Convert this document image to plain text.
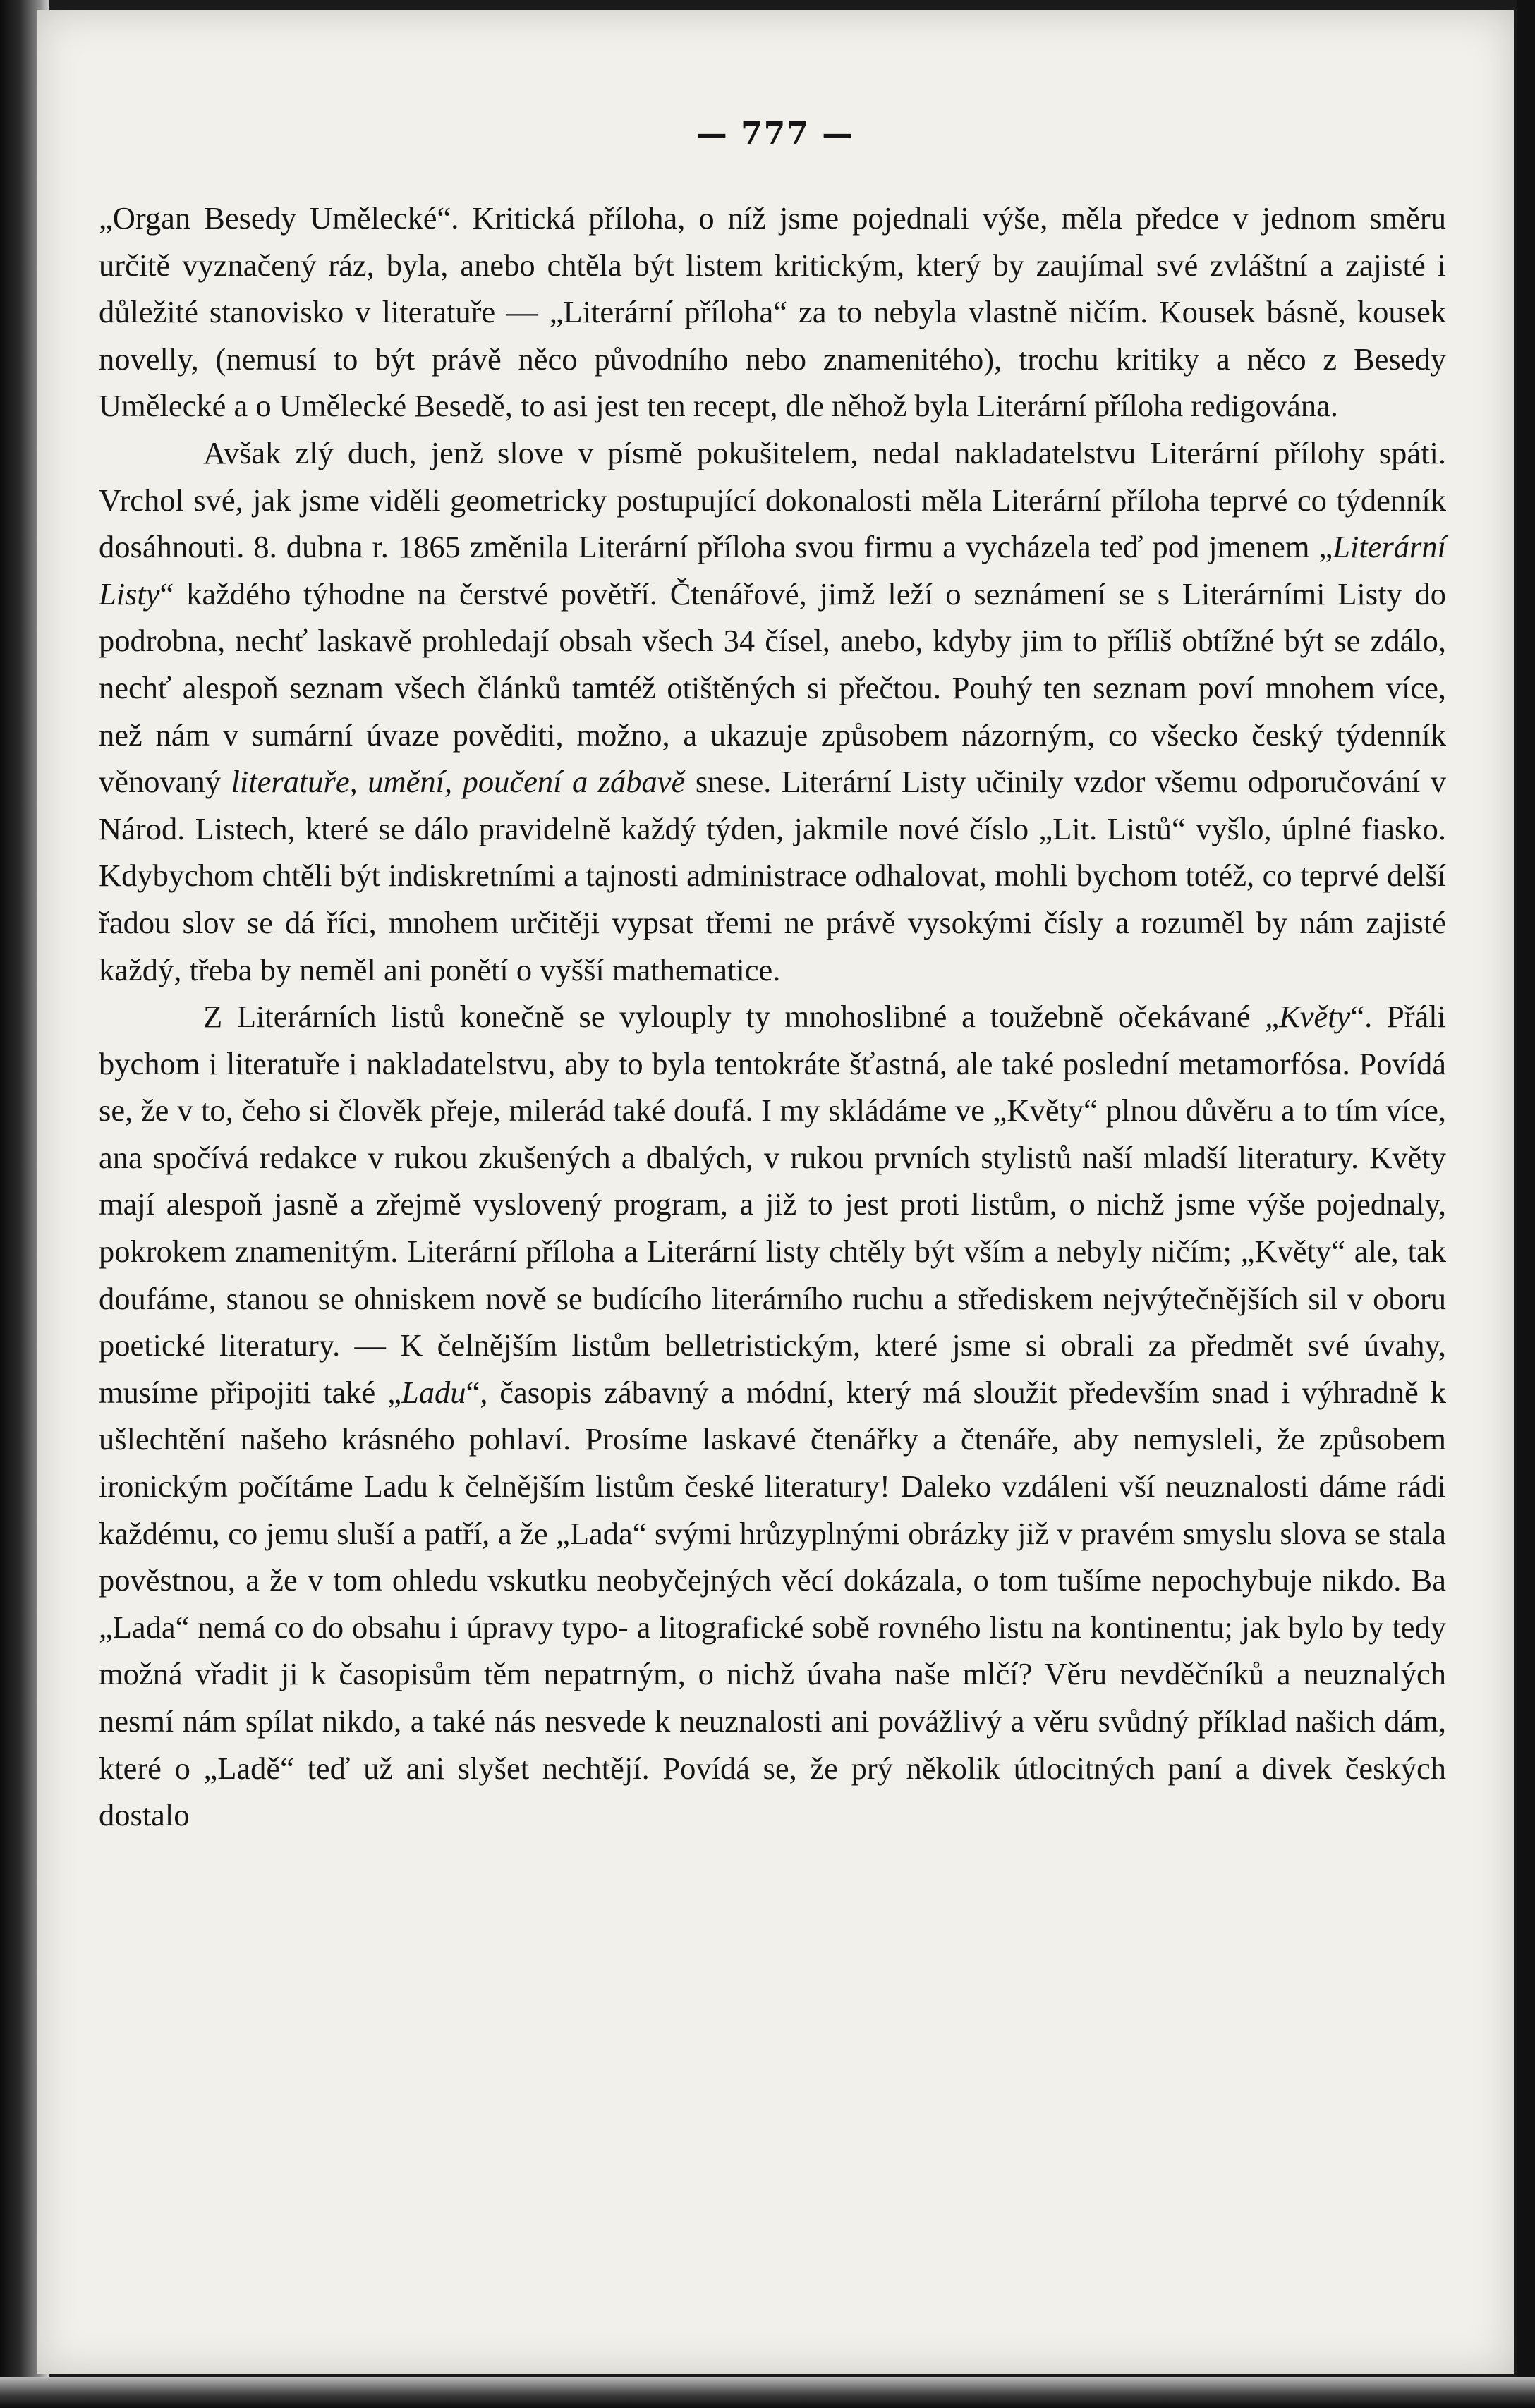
— 777 —

„Organ Besedy Umělecké“. Kritická příloha, o níž jsme pojednali výše, měla předce v jednom směru určitě vyznačený ráz, byla, anebo chtěla být listem kritickým, který by zaujímal své zvláštní a zajisté i důležité stanovisko v literatuře — „Literární příloha“ za to nebyla vlastně ničím. Kousek básně, kousek novelly, (nemusí to být právě něco původního nebo znamenitého), trochu kritiky a něco z Besedy Umělecké a o Umělecké Besedě, to asi jest ten recept, dle něhož byla Literární příloha redigována.

Avšak zlý duch, jenž slove v písmě pokušitelem, nedal nakladatelstvu Literární přílohy spáti. Vrchol své, jak jsme viděli geometricky postupující dokonalosti měla Literární příloha teprvé co týdenník dosáhnouti. 8. dubna r. 1865 změnila Literární příloha svou firmu a vycházela teď pod jmenem „Literární Listy“ každého týhodne na čerstvé povětří. Čtenářové, jimž leží o seznámení se s Literárními Listy do podrobna, nechť laskavě prohledají obsah všech 34 čísel, anebo, kdyby jim to příliš obtížné být se zdálo, nechť alespoň seznam všech článků tamtéž otištěných si přečtou. Pouhý ten seznam poví mnohem více, než nám v sumární úvaze pověditi, možno, a ukazuje způsobem názorným, co všecko český týdenník věnovaný literatuře, umění, poučení a zábavě snese. Literární Listy učinily vzdor všemu odporučování v Národ. Listech, které se dálo pravidelně každý týden, jakmile nové číslo „Lit. Listů“ vyšlo, úplné fiasko. Kdybychom chtěli být indiskretními a tajnosti administrace odhalovat, mohli bychom totéž, co teprvé delší řadou slov se dá říci, mnohem určitěji vypsat třemi ne právě vysokými čísly a rozuměl by nám zajisté každý, třeba by neměl ani ponětí o vyšší mathematice.

Z Literárních listů konečně se vylouply ty mnohoslibné a toužebně očekávané „Květy“. Přáli bychom i literatuře i nakladatelstvu, aby to byla tentokráte šťastná, ale také poslední metamorfósa. Povídá se, že v to, čeho si člověk přeje, milerád také doufá. I my skládáme ve „Květy“ plnou důvěru a to tím více, ana spočívá redakce v rukou zkušených a dbalých, v rukou prvních stylistů naší mladší literatury. Květy mají alespoň jasně a zřejmě vyslovený program, a již to jest proti listům, o nichž jsme výše pojednaly, pokrokem znamenitým. Literární příloha a Literární listy chtěly být vším a nebyly ničím; „Květy“ ale, tak doufáme, stanou se ohniskem nově se budícího literárního ruchu a střediskem nejvýtečnějších sil v oboru poetické literatury. — K čelnějším listům belletristickým, které jsme si obrali za předmět své úvahy, musíme připojiti také „Ladu“, časopis zábavný a módní, který má sloužit především snad i výhradně k ušlechtění našeho krásného pohlaví. Prosíme laskavé čtenářky a čtenáře, aby nemysleli, že způsobem ironickým počítáme Ladu k čelnějším listům české literatury! Daleko vzdáleni vší neuznalosti dáme rádi každému, co jemu sluší a patří, a že „Lada“ svými hrůzyplnými obrázky již v pravém smyslu slova se stala pověstnou, a že v tom ohledu vskutku neobyčejných věcí dokázala, o tom tušíme nepochybuje nikdo. Ba „Lada“ nemá co do obsahu i úpravy typo- a litografické sobě rovného listu na kontinentu; jak bylo by tedy možná vřadit ji k časopisům těm nepatrným, o nichž úvaha naše mlčí? Věru nevděčníků a neuznalých nesmí nám spílat nikdo, a také nás nesvede k neuznalosti ani povážlivý a věru svůdný příklad našich dám, které o „Ladě“ teď už ani slyšet nechtějí. Povídá se, že prý několik útlocitných paní a divek českých dostalo
